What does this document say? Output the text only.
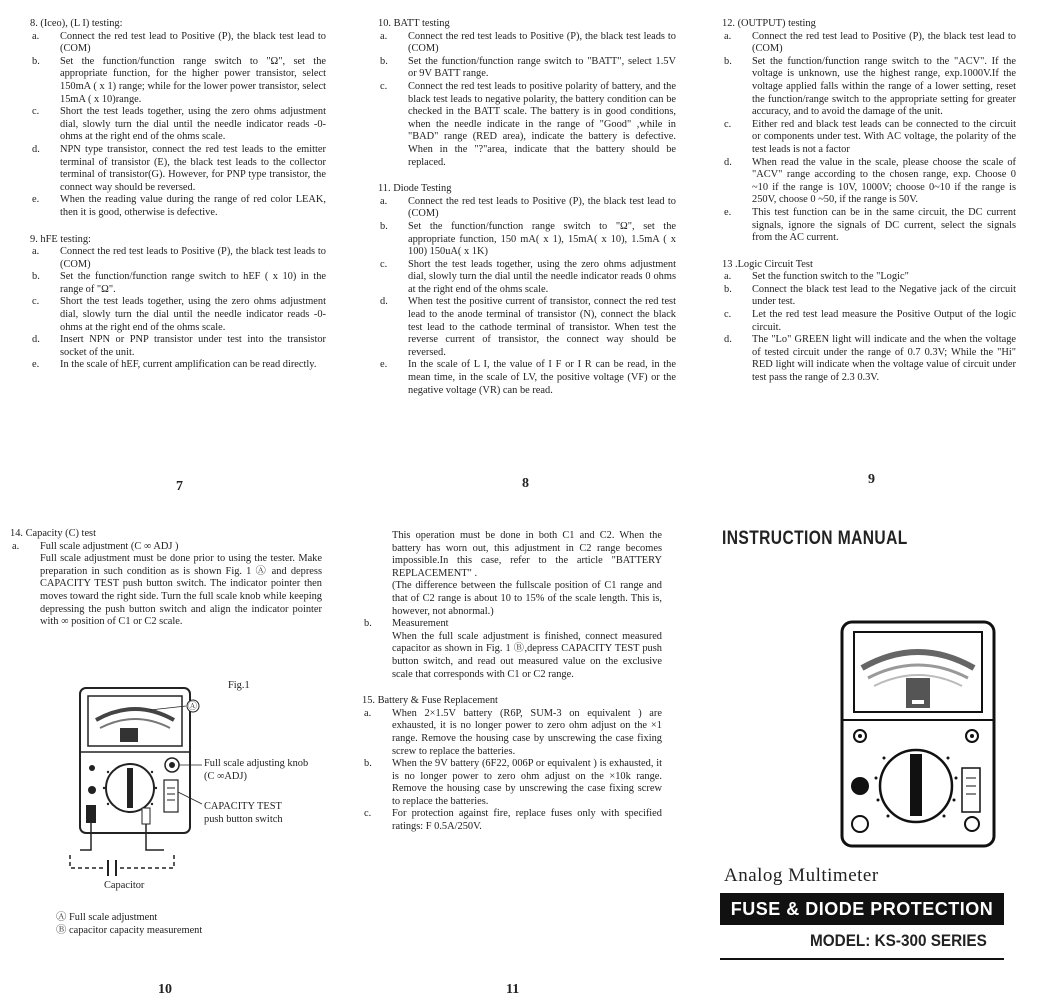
8. (Iceo), (L I) testing:

a.	Connect the red test lead to Positive (P), the black test lead to (COM)
b.	Set the function/function range switch to "Ω", set the appropriate function, for the higher power transistor, select 150mA ( x 1) range; while for the lower power transistor, select 15mA ( x 10)range.
c.	Short the test leads together, using the zero ohms adjustment dial, slowly turn the dial until the needle indicator reads -0- ohms at the right end of the ohms scale.
d.	NPN type transistor, connect the red test leads to the emitter terminal of transistor (E), the black test leads to the collector terminal of transistor(G). However, for PNP type transistor, the connect way should be reversed.
e.	When the reading value during the range of red color LEAK, then it is good, otherwise is defective.

9. hFE testing:

a.	Connect the red test leads to Positive (P), the black test leads to (COM)
b.	Set the function/function range switch to hEF ( x 10) in the range of "Ω".
c.	Short the test leads together, using the zero ohms adjustment dial, slowly turn the dial until the needle indicator reads -0- ohms at the right end of the ohms scale.
d.	Insert NPN or PNP transistor under test into the transistor socket of the unit.
e.	In the scale of hEF, current amplification can be read directly.
7

10. BATT testing

a.	Connect the red test leads to Positive (P), the black test leads to (COM)
b.	Set the function/function range switch to "BATT", select 1.5V or 9V BATT range.
c.	Connect the red test leads to positive polarity of battery, and the black test leads to negative polarity, the battery condition can be checked in the BATT scale. The battery is in good conditions, when the needle indicate in the range of "Good" ,while in "BAD" range (RED area), indicate the battery is defective. When in the "?"area, indicate that the battery should be replaced.

11. Diode Testing

a.	Connect the red test leads to Positive (P), the black test lead to (COM)
b.	Set the function/function range switch to "Ω", set the appropriate function, 150 mA( x 1), 15mA( x 10), 1.5mA ( x 100) 150uA( x 1K)
c.	Short the test leads together, using the zero ohms adjustment dial, slowly turn the dial until the needle indicator reads 0 ohms at the right end of the ohms scale.
d.	When test the positive current of transistor, connect the red test lead to the anode terminal of transistor (N), connect the black test lead to the cathode terminal of transistor. When test the reverse current of transistor, the connect way should be reversed.
e.	In the scale of L I, the value of I F or I R can be read, in the mean time, in the scale of LV, the positive voltage (VF) or the negative voltage (VR) can be read.
8

12. (OUTPUT) testing

a.	Connect the red test lead to Positive (P), the black test lead to (COM)
b.	Set the function/function range switch to the "ACV". If the voltage is unknown, use the highest range, exp.1000V.If the voltage applied falls within the range of a lower setting, reset the function/range switch to the appropriate setting for greater accuracy, and to avoid the damage of the unit.
c.	Either red and black test leads can be connected to the circuit or components under test. With AC voltage, the polarity of the test leads is not a factor
d.	When read the value in the scale, please choose the scale of "ACV" range according to the chosen range, exp. Choose 0 ~10 if the range is 10V, 1000V; choose 0~10 if the range is 250V, choose 0 ~50, if the range is 50V.
e.	This test function can be in the same circuit, the DC current signals, ignore the signals of DC current, select the signals from the AC current.

13 .Logic Circuit Test

a.	Set the function switch to the "Logic"
b.	Connect the black test lead to the Negative jack of the circuit under test.
c.	Let the red test lead measure the Positive Output of the logic circuit.
d.	The "Lo" GREEN light will indicate and the when the voltage of tested circuit under the range of 0.7 0.3V; While the "Hi" RED light will indicate when the voltage value of circuit under test pass the range of 2.3 0.3V.
9

14. Capacity (C) test

a.	Full scale adjustment (C ∞ ADJ )
Full scale adjustment must be done prior to using the tester. Make preparation in such condition as is shown Fig. 1 Ⓐ and depress CAPACITY TEST push button switch. The indicator pointer then moves toward the right side. Turn the full scale knob while keeping depressing the push button switch and align the indicator pointer with ∞ position of C1 or C2 scale.
Fig.1
Ⓐ
Full scale adjusting knob
(C ∞ADJ)
CAPACITY TEST
push button switch
Capacitor
Ⓐ Full scale adjustment
Ⓑ capacitor capacity measurement
10

This operation must be done in both C1 and C2. When the battery has worn out, this adjustment in C2 range becomes impossible.In this case, refer to the article "BATTERY REPLACEMENT" .

(The difference between the fullscale position of C1 range and that of C2 range is about 10 to 15% of the scale length. This is, however, not abnormal.)

b.	Measurement
When the full scale adjustment is finished, connect measured capacitor as shown in Fig. 1 Ⓑ,depress CAPACITY TEST push button switch, and read out measured value on the exclusive scale that corresponds with C1 or C2 range.

15. Battery & Fuse Replacement

a.	When 2×1.5V battery (R6P, SUM-3 on equivalent ) are exhausted, it is no longer power to zero ohm adjust on the ×1 range. Remove the housing case by unscrewing the case fixing screw to replace the batteries.
b.	When the 9V battery (6F22, 006P or equivalent ) is exhausted, it is no longer power to zero ohm adjust on the ×10k range. Remove the housing case by unscrewing the case fixing screw to replace the batteries.
c.	For protection against fire, replace fuses only with specified ratings: F 0.5A/250V.
11
INSTRUCTION MANUAL
Analog Multimeter
FUSE & DIODE PROTECTION
MODEL: KS-300 SERIES
